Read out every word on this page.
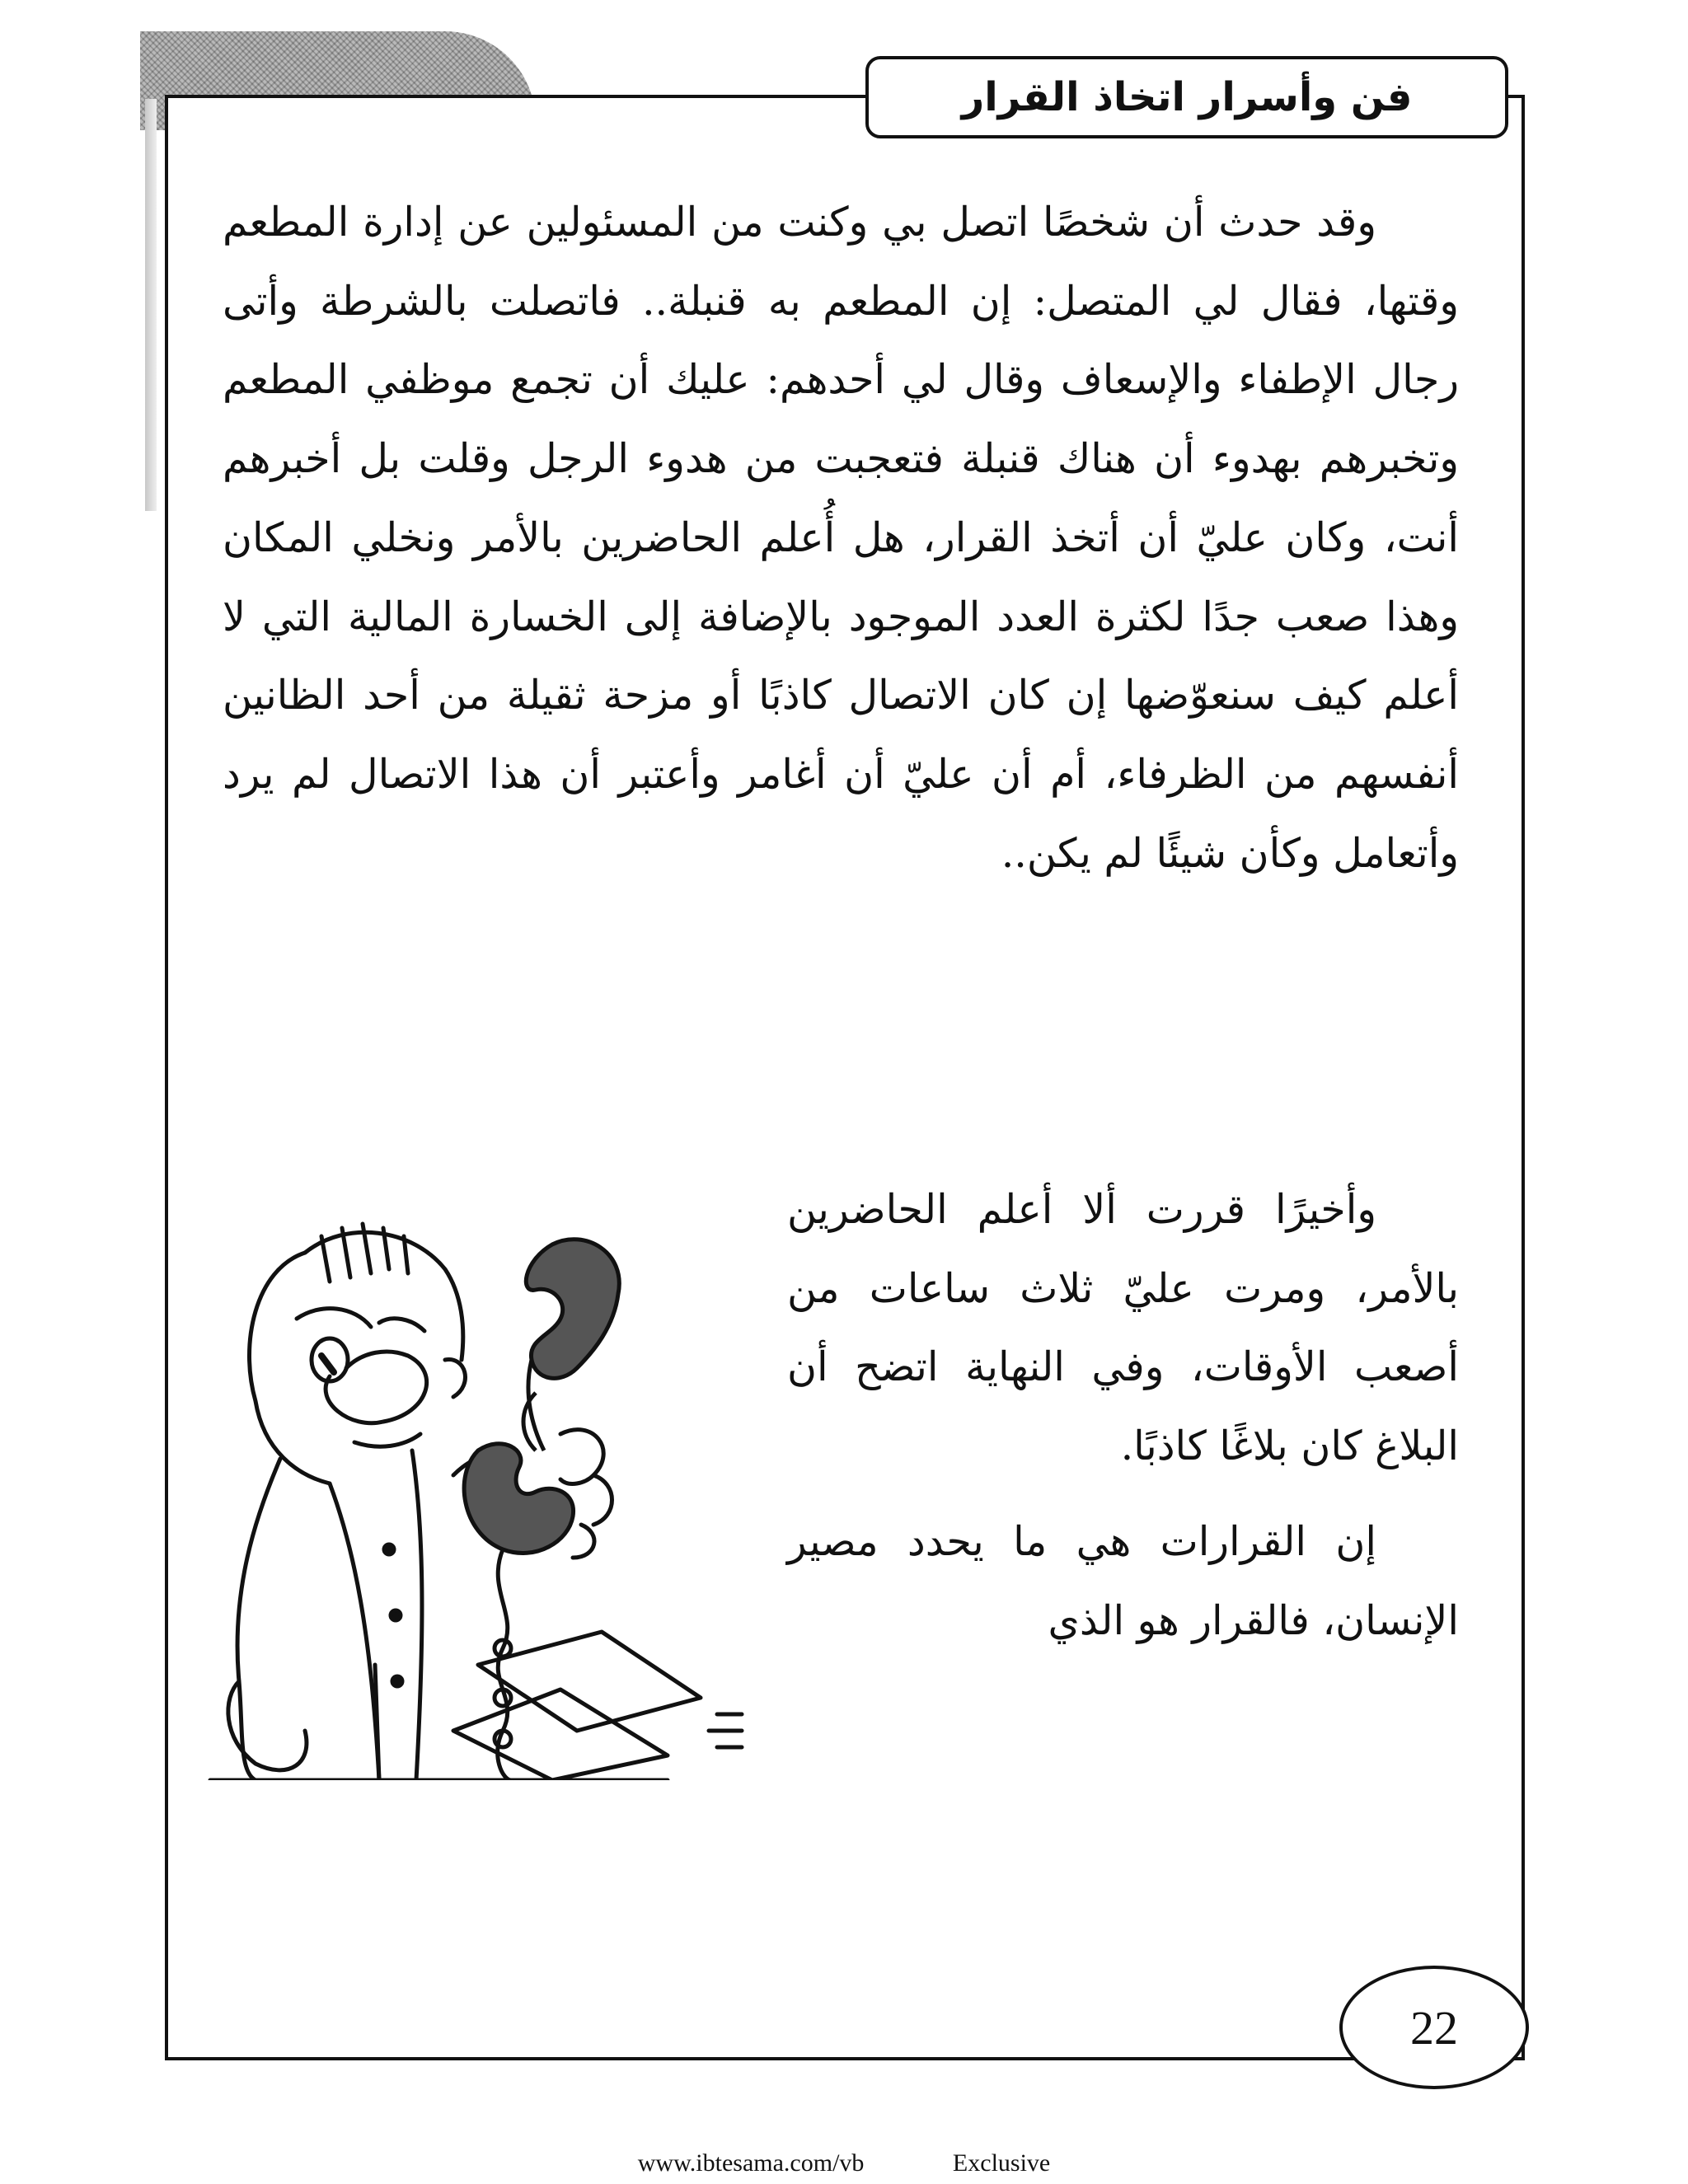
فن وأسرار اتخاذ القرار

وقد حدث أن شخصًا اتصل بي وكنت من المسئولين عن إدارة المطعم وقتها، فقال لي المتصل: إن المطعم به قنبلة.. فاتصلت بالشرطة وأتى رجال الإطفاء والإسعاف وقال لي أحدهم: عليك أن تجمع موظفي المطعم وتخبرهم بهدوء أن هناك قنبلة فتعجبت من هدوء الرجل وقلت بل أخبرهم أنت، وكان عليّ أن أتخذ القرار، هل أُعلم الحاضرين بالأمر ونخلي المكان وهذا صعب جدًا لكثرة العدد الموجود بالإضافة إلى الخسارة المالية التي لا أعلم كيف سنعوّضها إن كان الاتصال كاذبًا أو مزحة ثقيلة من أحد الظانين أنفسهم من الظرفاء، أم أن عليّ أن أغامر وأعتبر أن هذا الاتصال لم يرد وأتعامل وكأن شيئًا لم يكن..

وأخيرًا قررت ألا أعلم الحاضرين بالأمر، ومرت عليّ ثلاث ساعات من أصعب الأوقات، وفي النهاية اتضح أن البلاغ كان بلاغًا كاذبًا.

إن القرارات هي ما يحدد مصير الإنسان، فالقرار هو الذي

22
www.ibtesama.com/vb	Exclusive
